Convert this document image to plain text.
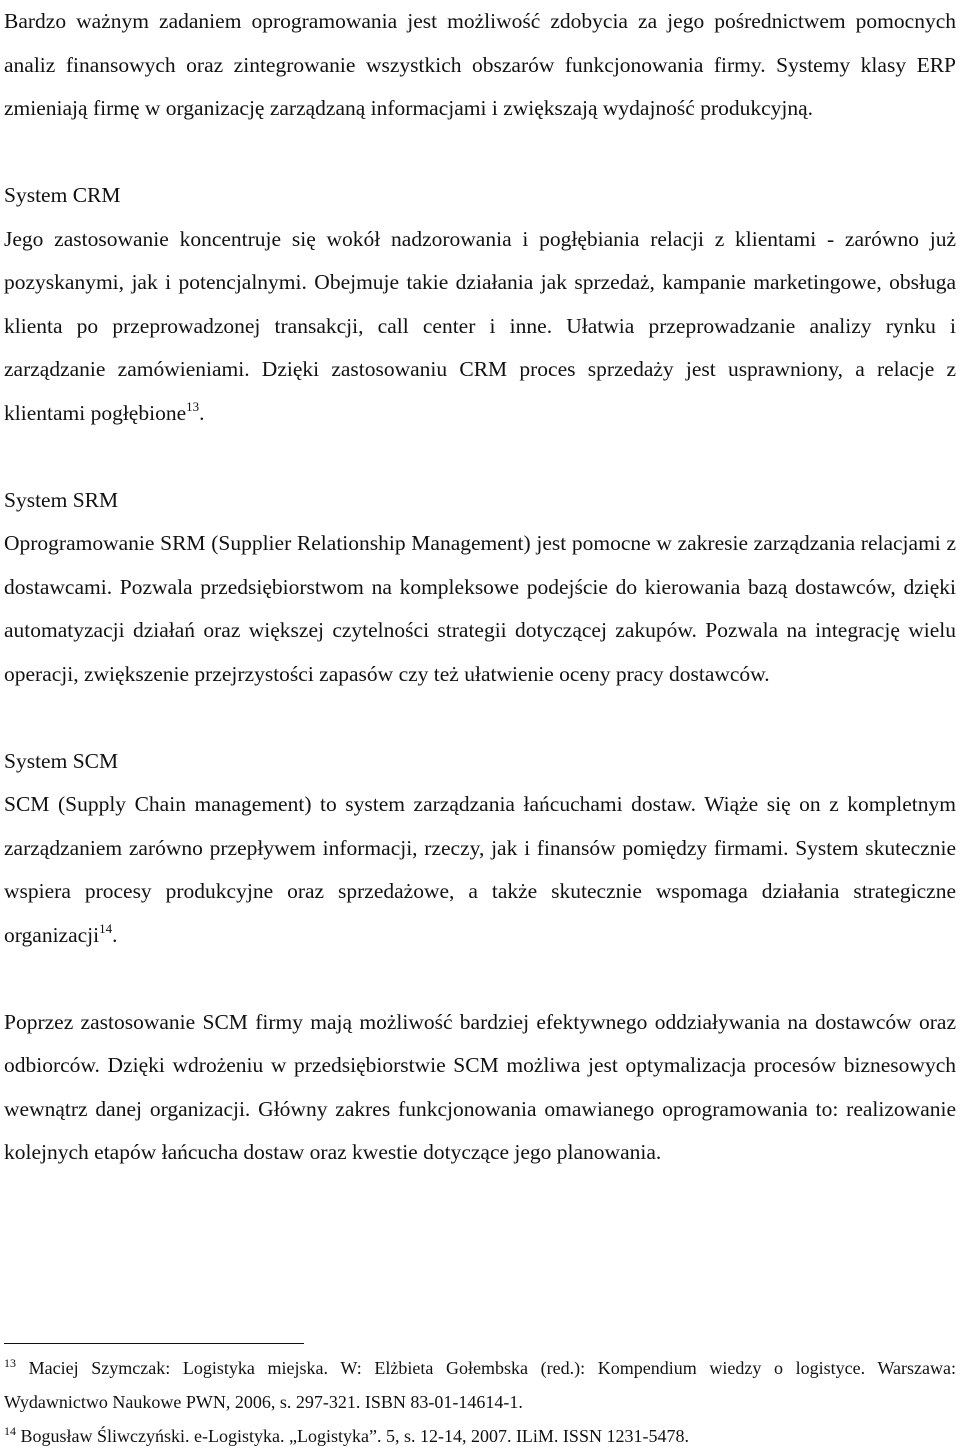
Bardzo ważnym zadaniem oprogramowania jest możliwość zdobycia za jego pośrednictwem pomocnych analiz finansowych oraz zintegrowanie wszystkich obszarów funkcjonowania firmy. Systemy klasy ERP zmieniają firmę w organizację zarządzaną informacjami i zwiększają wydajność produkcyjną.

System CRM

Jego zastosowanie koncentruje się wokół nadzorowania i pogłębiania relacji z klientami - zarówno już pozyskanymi, jak i potencjalnymi. Obejmuje takie działania jak sprzedaż, kampanie marketingowe, obsługa klienta po przeprowadzonej transakcji, call center i inne. Ułatwia przeprowadzanie analizy rynku i zarządzanie zamówieniami. Dzięki zastosowaniu CRM proces sprzedaży jest usprawniony, a relacje z klientami pogłębione$^{13}$.

System SRM

Oprogramowanie SRM (Supplier Relationship Management) jest pomocne w zakresie zarządzania relacjami z dostawcami. Pozwala przedsiębiorstwom na kompleksowe podejście do kierowania bazą dostawców, dzięki automatyzacji działań oraz większej czytelności strategii dotyczącej zakupów. Pozwala na integrację wielu operacji, zwiększenie przejrzystości zapasów czy też ułatwienie oceny pracy dostawców.

System SCM

SCM (Supply Chain management) to system zarządzania łańcuchami dostaw. Wiąże się on z kompletnym zarządzaniem zarówno przepływem informacji, rzeczy, jak i finansów pomiędzy firmami. System skutecznie wspiera procesy produkcyjne oraz sprzedażowe, a także skutecznie wspomaga działania strategiczne organizacji$^{14}$.

Poprzez zastosowanie SCM firmy mają możliwość bardziej efektywnego oddziaływania na dostawców oraz odbiorców. Dzięki wdrożeniu w przedsiębiorstwie SCM możliwa jest optymalizacja procesów biznesowych wewnątrz danej organizacji. Główny zakres funkcjonowania omawianego oprogramowania to: realizowanie kolejnych etapów łańcucha dostaw oraz kwestie dotyczące jego planowania.

$^{13}$ Maciej Szymczak: Logistyka miejska. W: Elżbieta Gołembska (red.): Kompendium wiedzy o logistyce. Warszawa: Wydawnictwo Naukowe PWN, 2006, s. 297-321. ISBN 83-01-14614-1.

$^{14}$ Bogusław Śliwczyński. e-Logistyka. „Logistyka”. 5, s. 12-14, 2007. ILiM. ISSN 1231-5478.
